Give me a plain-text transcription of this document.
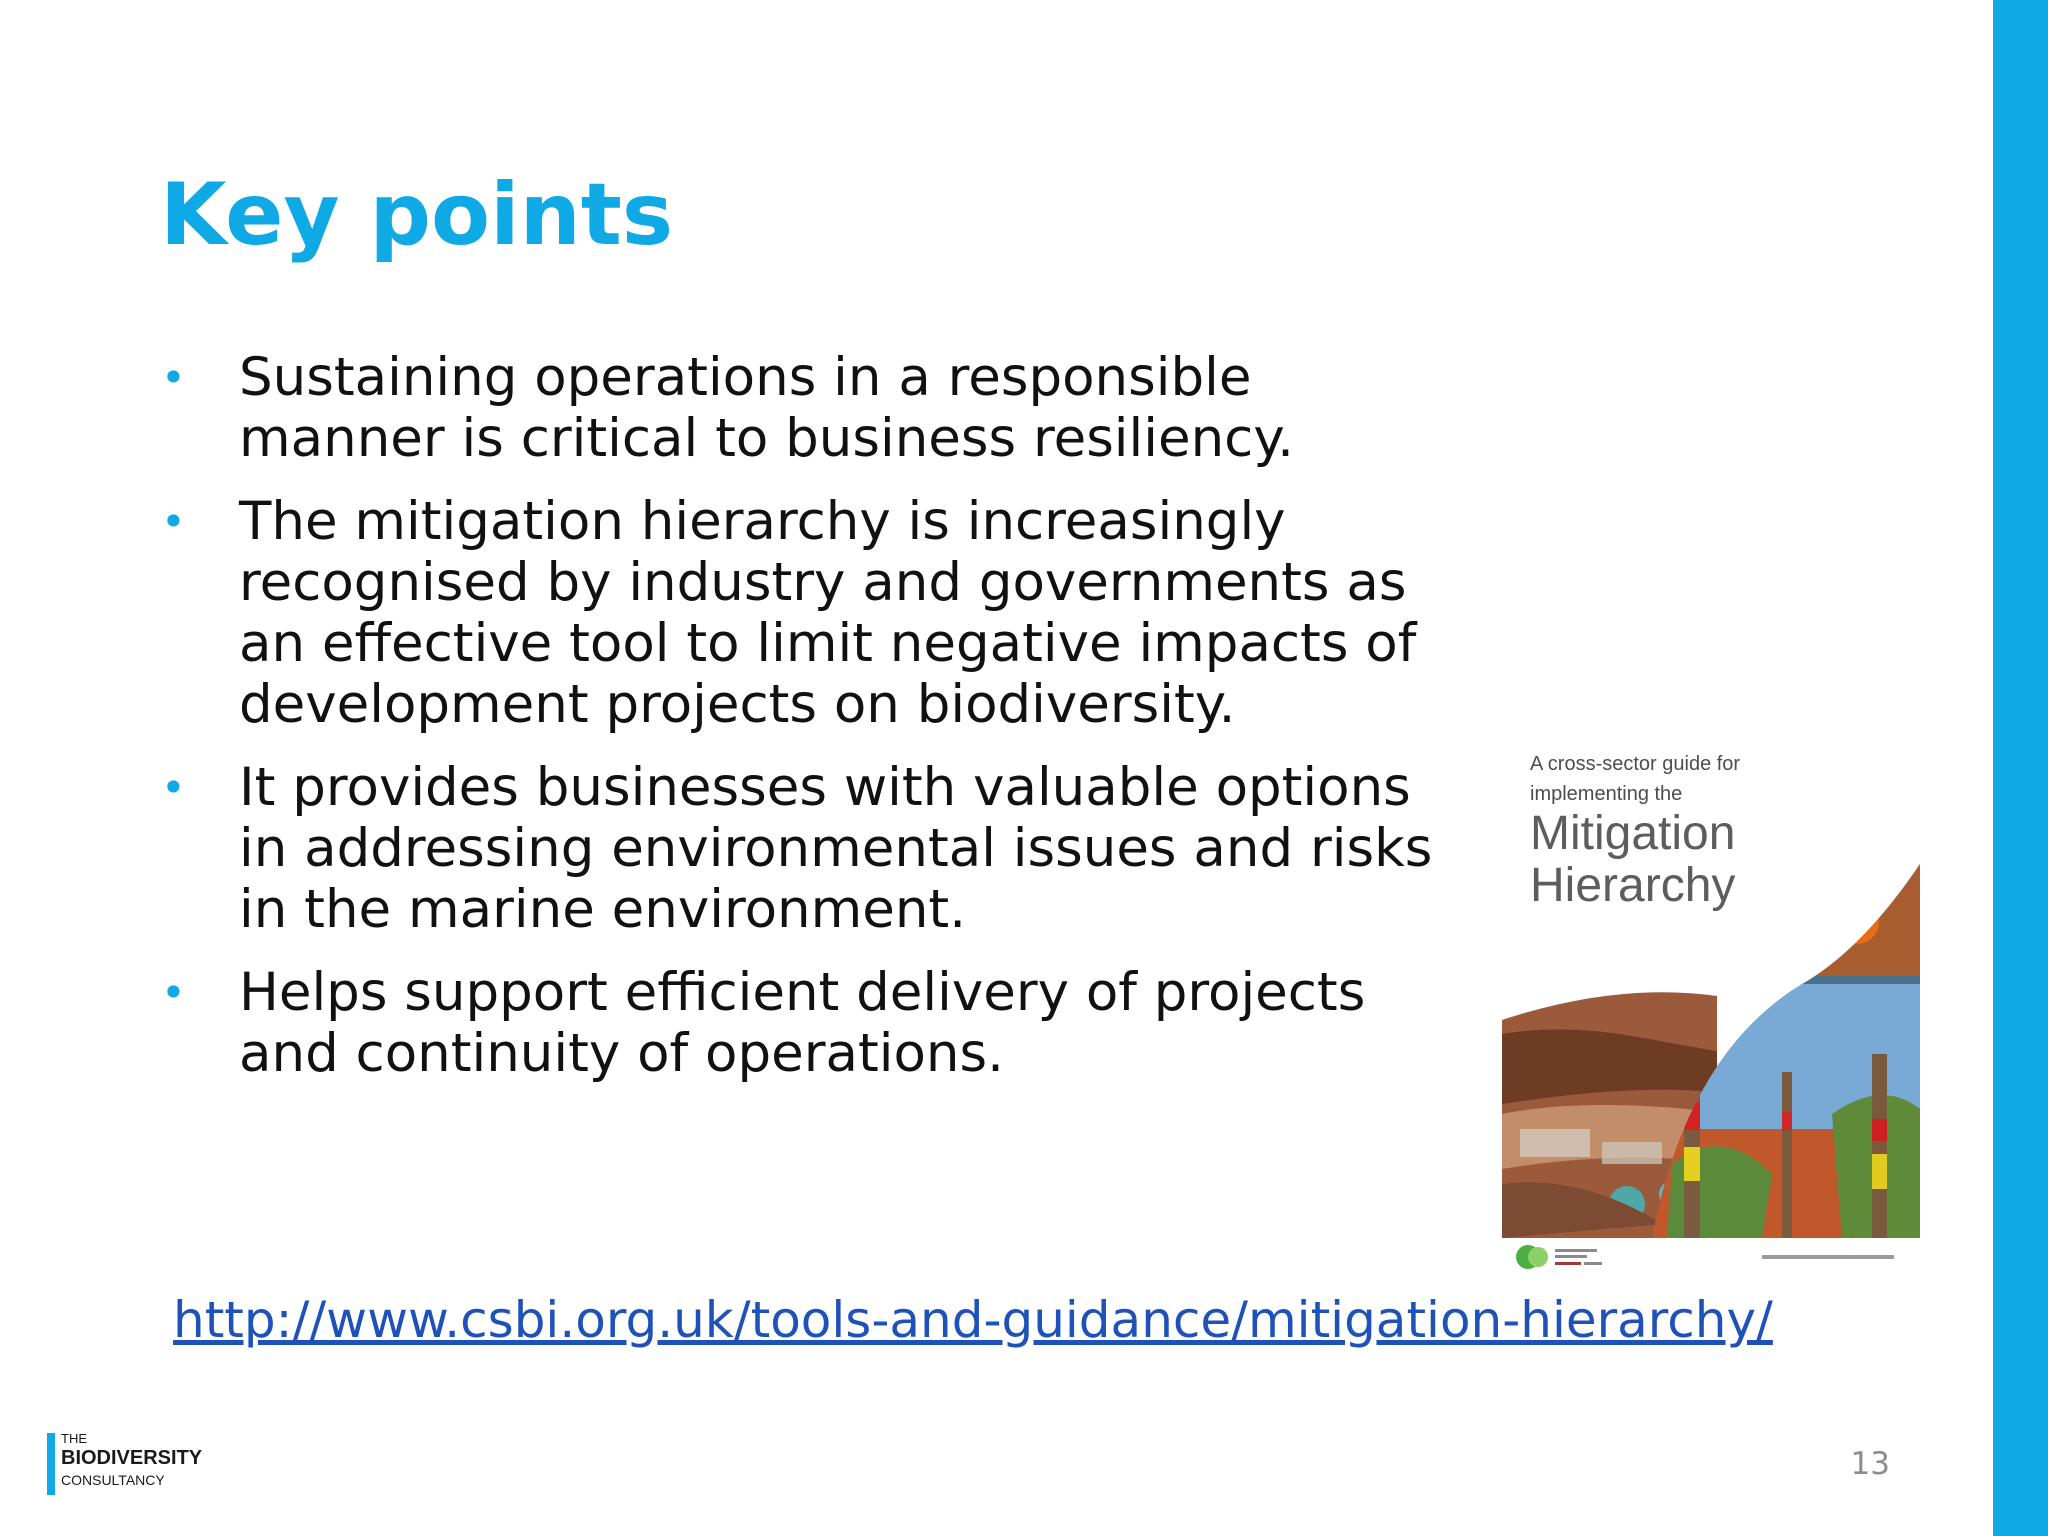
Key points
• Sustaining operations in a responsible manner is critical to business resiliency.
• The mitigation hierarchy is increasingly recognised by industry and governments as an effective tool to limit negative impacts of development projects on biodiversity.
• It provides businesses with valuable options in addressing environmental issues and risks in the marine environment.
• Helps support efficient delivery of projects and continuity of operations.
A cross-sector guide for implementing the
Mitigation Hierarchy
http://www.csbi.org.uk/tools-and-guidance/mitigation-hierarchy/
THE
BIODIVERSITY
CONSULTANCY	13
